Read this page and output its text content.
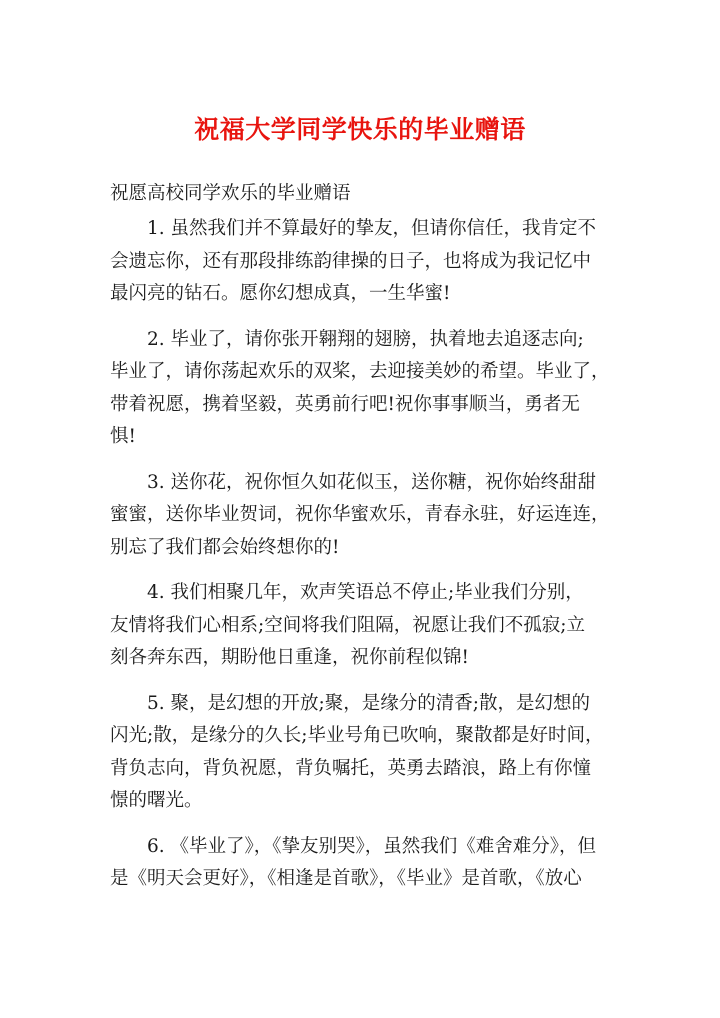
祝福大学同学快乐的毕业赠语
祝愿高校同学欢乐的毕业赠语

1. 虽然我们并不算最好的挚友，但请你信任，我肯定不
会遗忘你，还有那段排练韵律操的日子，也将成为我记忆中
最闪亮的钻石。愿你幻想成真，一生华蜜!

2. 毕业了，请你张开翱翔的翅膀，执着地去追逐志向;
毕业了，请你荡起欢乐的双桨，去迎接美妙的希望。毕业了，
带着祝愿，携着坚毅，英勇前行吧!祝你事事顺当，勇者无
惧!

3. 送你花，祝你恒久如花似玉，送你糖，祝你始终甜甜
蜜蜜，送你毕业贺词，祝你华蜜欢乐，青春永驻，好运连连，
别忘了我们都会始终想你的!

4. 我们相聚几年，欢声笑语总不停止;毕业我们分别，
友情将我们心相系;空间将我们阻隔，祝愿让我们不孤寂;立
刻各奔东西，期盼他日重逢，祝你前程似锦!

5. 聚，是幻想的开放;聚，是缘分的清香;散，是幻想的
闪光;散，是缘分的久长;毕业号角已吹响，聚散都是好时间，
背负志向，背负祝愿，背负嘱托，英勇去踏浪，路上有你憧
憬的曙光。

6. 《毕业了》，《挚友别哭》，虽然我们《难舍难分》，但
是《明天会更好》，《相逢是首歌》，《毕业》是首歌，《放心
